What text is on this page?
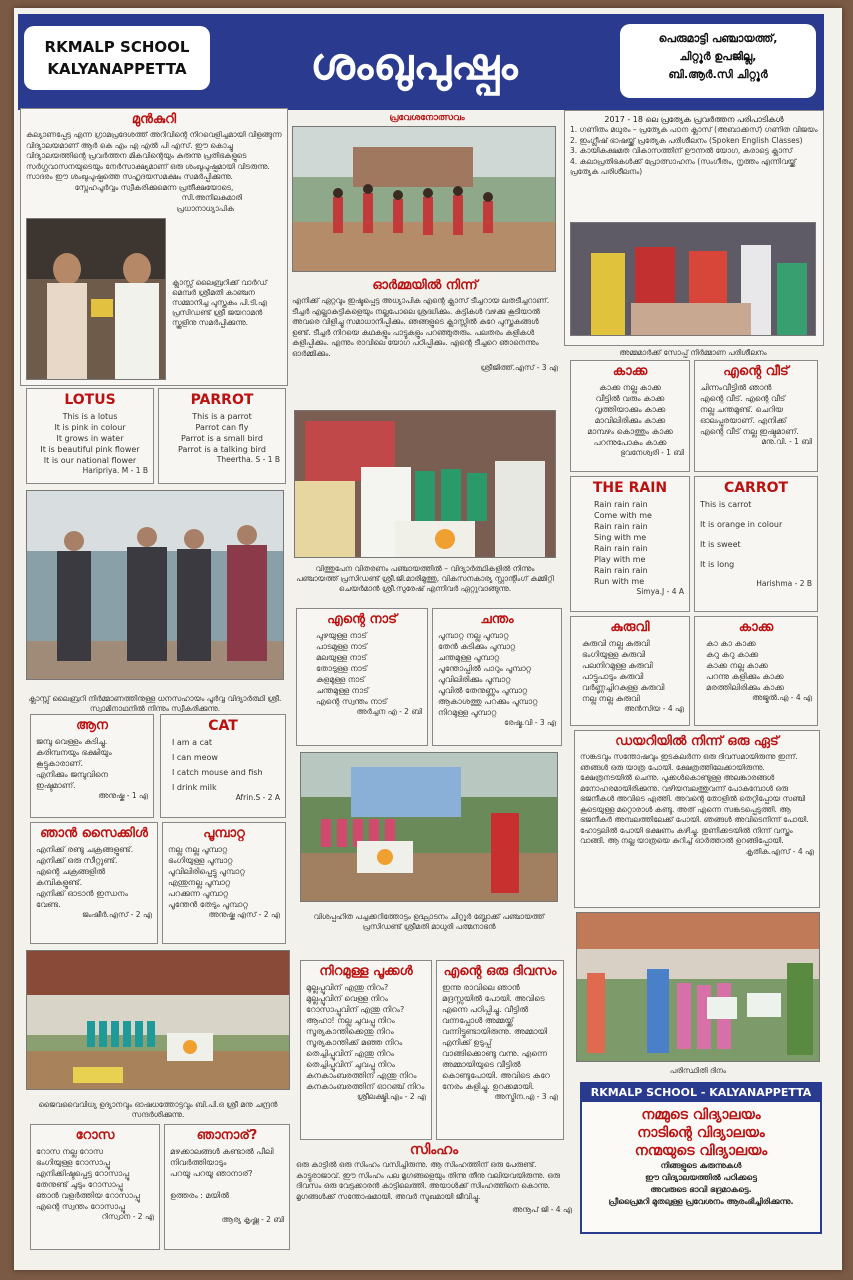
RKMALP SCHOOL
KALYANAPPETTA	ശംഖുപുഷ്പം
പെരുമാട്ടി പഞ്ചായത്ത്,
ചിറ്റൂർ ഉപജില്ല,
ബി.ആർ.സി ചിറ്റൂർ
മുൻകുറി
കല്യാണപ്പേട്ട എന്ന ഗ്രാമപ്രദേശത്ത് അറിവിന്റെ നിറവെളിച്ചമായി വിളങ്ങുന്ന വിദ്യാലയമാണ് ആർ കെ എം എ എൽ പി എസ്. ഈ കൊച്ചു വിദ്യാലയത്തിന്റെ പ്രവർത്തന മികവിന്റെയും കുരുന്നു പ്രതിഭകളുടെ സർഗ്ഗവാസനയുടെയും നേർസാക്ഷ്യമാണ് ഒരു ശംഖുപുഷ്പമായി വിടരുന്നു. സാദരം ഈ ശംഖുപുഷ്പത്തെ സഹൃദയസമക്ഷം സമർപ്പിക്കുന്നു.
സ്നേഹപൂർവ്വം സ്വീകരിക്കുമെന്ന പ്രതീക്ഷയോടെ,
സി.അനിലകുമാരി
പ്രധാനാധ്യാപിക
ക്ലാസ്സ് ലൈബ്രറിക്ക് വാർഡ് മെമ്പർ ശ്രീമതി കാഞ്ചന സമ്മാനിച്ച പുസ്തകം പി.ടി.എ പ്രസിഡണ്ട് ശ്രീ ജയറാമൻ സ്കൂളിനു സമർപ്പിക്കുന്നു.
പ്രവേശനോത്സവം	2017 - 18 ലെ പ്രത്യേക പ്രവർത്തന പരിപാടികൾ
1. ഗണിതം മധുരം – പ്രത്യേക പഠന ക്ലാസ് (അബാക്കസ്) ഗണിത വിജയം
2. ഇംഗ്ലീഷ് ഭാഷയ്ക്ക് പ്രത്യേക പരിശീലനം (Spoken English Classes)
3. കായികക്ഷമത വികാസത്തിന് ഊന്നൽ യോഗ, കരാട്ടെ ക്ലാസ്
4. കലാപ്രതിഭകൾക്ക് പ്രോത്സാഹനം (സംഗീതം, നൃത്തം എന്നിവയ്ക്ക് പ്രത്യേക പരിശീലനം)
അമ്മമാർക്ക് സോപ്പ് നിർമ്മാണ പരിശീലനം
ഓർമ്മയിൽ നിന്ന്
എനിക്ക് ഏറ്റവും ഇഷ്ടപ്പെട്ട അധ്യാപിക എന്റെ ക്ലാസ് ടീച്ചറായ ലതടീച്ചറാണ്. ടീച്ചർ എല്ലാകുട്ടികളെയും നല്ലപോലെ ശ്രദ്ധിക്കും. കുട്ടികൾ വഴക്കു കൂടിയാൽ അവരെ വിളിച്ചു സമാധാനിപ്പിക്കും. ഞങ്ങളുടെ ക്ലാസ്സിൽ കുറേ പുസ്തകങ്ങൾ ഉണ്ട്. ടീച്ചർ നിറയെ കഥകളും പാട്ടുകളും പറഞ്ഞുതരും. പലതരം കളികൾ കളിപ്പിക്കും. എന്നും രാവിലെ യോഗ പഠിപ്പിക്കും. എന്റെ ടീച്ചറെ ഞാനെന്നും ഓർമ്മിക്കും.
ശ്രീജിത്ത്.എസ് - 3 എ
LOTUS
This is a lotus
It is pink in colour
It grows in water
It is beautiful pink flower
It is our national flower
Haripriya. M - 1 B
PARROT
This is a parrot
Parrot can fly
Parrot is a small bird
Parrot is a talking bird
Theertha. S - 1 B
വിത്തുപേന വിതരണം പഞ്ചായത്തിൽ – വിദ്യാർത്ഥികളിൽ നിന്നും പഞ്ചായത്ത് പ്രസിഡണ്ട് ശ്രീ.ജി.മാരിമുത്തു, വികസനകാര്യ സ്റ്റാന്റിംഗ് കമ്മിറ്റി ചെയർമാൻ ശ്രീ.സുരേഷ് എന്നിവർ ഏറ്റുവാങ്ങുന്നു.
കാക്ക
കാക്ക നല്ല കാക്ക
വീട്ടിൽ വരും കാക്ക
വൃത്തിയാക്കും കാക്ക
മാവിലിരിക്കും കാക്ക
മാമ്പഴം കൊത്തും കാക്ക
പറന്നുപോകും കാക്ക
ഭുവനേശ്വരി - 1 ബി
എന്റെ വീട്
ചിന്നംവീട്ടിൽ ഞാൻ
എന്റെ വീട്. എന്റെ വീട്
നല്ല ചന്തമുണ്ട്. ചെറിയ
ഓലപ്പുരയാണ്. എനിക്ക്
എന്റെ വീട് നല്ല ഇഷ്ടമാണ്.
മനു.വി. - 1 ബി
ക്ലാസ്സ് ലൈബ്രറി നിർമ്മാണത്തിനുള്ള ധനസഹായം പൂർവ്വ വിദ്യാർത്ഥി ശ്രീ. സ്വാമിനാഥനിൽ നിന്നും സ്വീകരിക്കുന്നു.
THE RAIN
Rain rain rain
Come with me
Rain rain rain
Sing with me
Rain rain rain
Play with me
Rain rain rain
Run with me
Simya.J - 4 A
CARROT
This is carrot
It is orange in colour
It is sweet
It is long
Harishma - 2 B
എന്റെ നാട്
പുഴയുള്ള നാട്
പാടമുള്ള നാട്
മലയുള്ള നാട്
തോടുള്ള നാട്
കുളമുള്ള നാട്
ചന്തമുള്ള നാട്
എന്റെ സ്വന്തം നാട്
അർച്ചന എ - 2 ബി
ചന്തം
പൂമ്പാറ്റ നല്ല പൂമ്പാറ്റ
തേൻ കുടിക്കും പൂമ്പാറ്റ
ചന്തമുള്ള പൂമ്പാറ്റ
പൂന്തോപ്പിൽ പാറും പൂമ്പാറ്റ
പൂവിലിരിക്കും പൂമ്പാറ്റ
പൂവിൽ തേനുണ്ണും പൂമ്പാറ്റ
ആകാശത്തു പറക്കും പൂമ്പാറ്റ
നിറമുള്ള പൂമ്പാറ്റ
രേഷ്മ.വി - 3 എ
കുരുവി
കുരുവി നല്ല കുരുവി
ഭംഗിയുള്ള കുരുവി
പലനിറമുള്ള കുരുവി
പാട്ടുപാടും കുരുവി
വർണ്ണച്ചിറകുള്ള കുരുവി
നല്ല നല്ല കുരുവി
അൻസിയ - 4 എ
കാക്ക
കാ കാ കാക്ക
കറു കറു കാക്ക
കാക്ക നല്ല കാക്ക
പറന്നു കളിക്കും കാക്ക
മരത്തിലിരിക്കും കാക്ക
അജ്മൽ.എ - 4 എ
ആന
ജമ്പു വെള്ളം കുടിച്ചു.
കരിമ്പനയും ഭക്ഷിയും
കൂട്ടുകാരാണ്.
എനിക്കും ജമ്പുവിനെ
ഇഷ്ടമാണ്.
അനുഷ്ക - 1 എ
CAT
I am a cat
I can meow
I catch mouse and fish
I drink milk
Afrin.S - 2 A
വിശപ്പഹിത പച്ചക്കറിത്തോട്ടം ഉദ്ഘാടനം ചിറ്റൂർ ബ്ലോക്ക് പഞ്ചായത്ത് പ്രസിഡണ്ട് ശ്രീമതി മാധുരി പത്മനാഭൻ
ഡയറിയിൽ നിന്ന് ഒരു ഏട്
സങ്കടവും സന്തോഷവും ഇടകലർന്ന ഒരു ദിവസമായിരുന്നു ഇന്ന്. ഞങ്ങൾ ഒരു യാത്ര പോയി. ക്ഷേത്രത്തിലേക്കായിരുന്നു. ക്ഷേത്രനടയിൽ ചെന്നു. പൂക്കൾകൊണ്ടുള്ള അലങ്കാരങ്ങൾ മനോഹരമായിരിക്കുന്നു. വഴിയമ്പലത്തുവന്ന് പോകുമ്പോൾ ഒരു ഭജനീകൾ അവിടെ എത്തി. അവന്റെ തോളിൽ തെറ്റിപ്പോയ സഞ്ചി കൂടെയുള്ള മറ്റൊരാൾ കണ്ടു. അത് എന്നെ സങ്കടപ്പെടുത്തി. ആ ഭജനീകർ അമ്പലത്തിലേക്ക് പോയി. ഞങ്ങൾ അവിടെനിന്ന് പോയി. ഹോട്ടലിൽ പോയി ഭക്ഷണം കഴിച്ചു. തുണിക്കടയിൽ നിന്ന് വസ്ത്രം വാങ്ങി. ആ നല്ല യാത്രയെ കുറിച്ച് ഓർത്താൽ ഉറങ്ങിപ്പോയി.
കൃതിക.എസ് - 4 എ
ഞാൻ സൈക്കിൾ
എനിക്ക് രണ്ടു ചക്രങ്ങളുണ്ട്.
എനിക്ക് ഒരു സീറ്റുണ്ട്.
എന്റെ ചക്രങ്ങളിൽ
കമ്പികളുണ്ട്.
എനിക്ക് ഓടാൻ ഇന്ധനം
വേണ്ട.
ജംഷീർ.എസ് - 2 എ
പൂമ്പാറ്റ
നല്ല നല്ല പൂമ്പാറ്റ
ഭംഗിയുള്ള പൂമ്പാറ്റ
പൂവിലിരിപ്പെട്ടു പൂമ്പാറ്റ
എന്തുനല്ല പൂമ്പാറ്റ
പറക്കുന്ന പൂമ്പാറ്റ
പൂന്തേൻ തേടും പൂമ്പാറ്റ
അനുഷ്ക എസ് - 2 എ
പരിസ്ഥിതി ദിനം
ജൈവവൈവിധ്യ ഉദ്യാനവും ഓഷധത്തോട്ടവും ബി.പി.ഒ ശ്രീ മനു ചന്ദ്രൻ സന്ദർശിക്കുന്നു.
നിറമുള്ള പൂക്കൾ
മുല്ലപ്പൂവിന് എന്തു നിറം?
മുല്ലപ്പൂവിന് വെള്ള നിറം
റോസാപ്പൂവിന് എന്തു നിറം?
ആഹാ! നല്ല ചുവപ്പു നിറം
സൂര്യകാന്തിക്കെന്തു നിറം
സൂര്യകാന്തിക്ക് മഞ്ഞ നിറം
തെച്ചിപ്പൂവിന് എന്തു നിറം
തെച്ചിപ്പൂവിന് ചുവപ്പു നിറം
കനകാംബരത്തിന് എന്തു നിറം
കനകാംബരത്തിന് ഓറഞ്ച് നിറം
ശ്രീലക്ഷ്മി.എം - 2 എ
എന്റെ ഒരു ദിവസം
ഇന്നു രാവിലെ ഞാൻ
മദ്രസ്സയിൽ പോയി. അവിടെ
എന്നെ പഠിപ്പിച്ചു. വീട്ടിൽ
വന്നപ്പോൾ അമ്മയ്ക്ക്
വന്നിട്ടുണ്ടായിരുന്നു. അമ്മായി
എനിക്ക് ഉടുപ്പ്
വാങ്ങിക്കൊണ്ടു വന്നു. എന്നെ
അമ്മായിയുടെ വീട്ടിൽ
കൊണ്ടുപോയി. അവിടെ കുറേ
നേരം കളിച്ചു. ഉറക്കമായി.
അസ്മിന.എ - 3 എ	RKMALP SCHOOL - KALYANAPPETTA
നമ്മുടെ വിദ്യാലയം
നാടിന്റെ വിദ്യാലയം
നന്മയുടെ വിദ്യാലയം
നിങ്ങളുടെ കുരുന്നുകൾ
ഈ വിദ്യാലയത്തിൽ പഠിക്കട്ടെ
അവരുടെ ഭാവി ഭദ്രമാകട്ടെ.
പ്രീപ്രൈമറി മുതലുള്ള പ്രവേശനം ആരംഭിച്ചിരിക്കുന്നു.
റോസ
റോസ നല്ല റോസ
ഭംഗിയുള്ള റോസാപ്പൂ
എനിക്കിഷ്ടപ്പെട്ട റോസാപ്പൂ
തേനുണ്ട് ചുടും റോസാപ്പൂ
ഞാൻ വളർത്തിയ റോസാപ്പൂ
എന്റെ സ്വന്തം റോസാപ്പൂ
റിസ്വാന - 2 എ
ഞാനാര്?
മഴക്കാലങ്ങൾ കണ്ടാൽ പീലി
നിവർത്തിയാടും
പറയൂ പറയൂ ഞാനാര്?
ഉത്തരം : മയിൽ
ആര്യ കൃഷ്ണ - 2 ബി
സിംഹം
ഒരു കാട്ടിൽ ഒരു സിംഹം വസിച്ചിരുന്നു. ആ സിംഹത്തിന് ഒരു പേരുണ്ട്. കാട്ടുരാജാവ്. ഈ സിംഹം പല മൃഗങ്ങളെയും തിന്നു തീനു വലിയവയിരുന്നു. ഒരു ദിവസം ഒരു വേട്ടക്കാരൻ കാട്ടിലെത്തി. അയാൾക്ക് സിംഹത്തിനെ കൊന്നു. മൃഗങ്ങൾക്ക് സന്തോഷമായി. അവർ സുഖമായി ജീവിച്ചു.
അനൂപ് ജി - 4 എ
